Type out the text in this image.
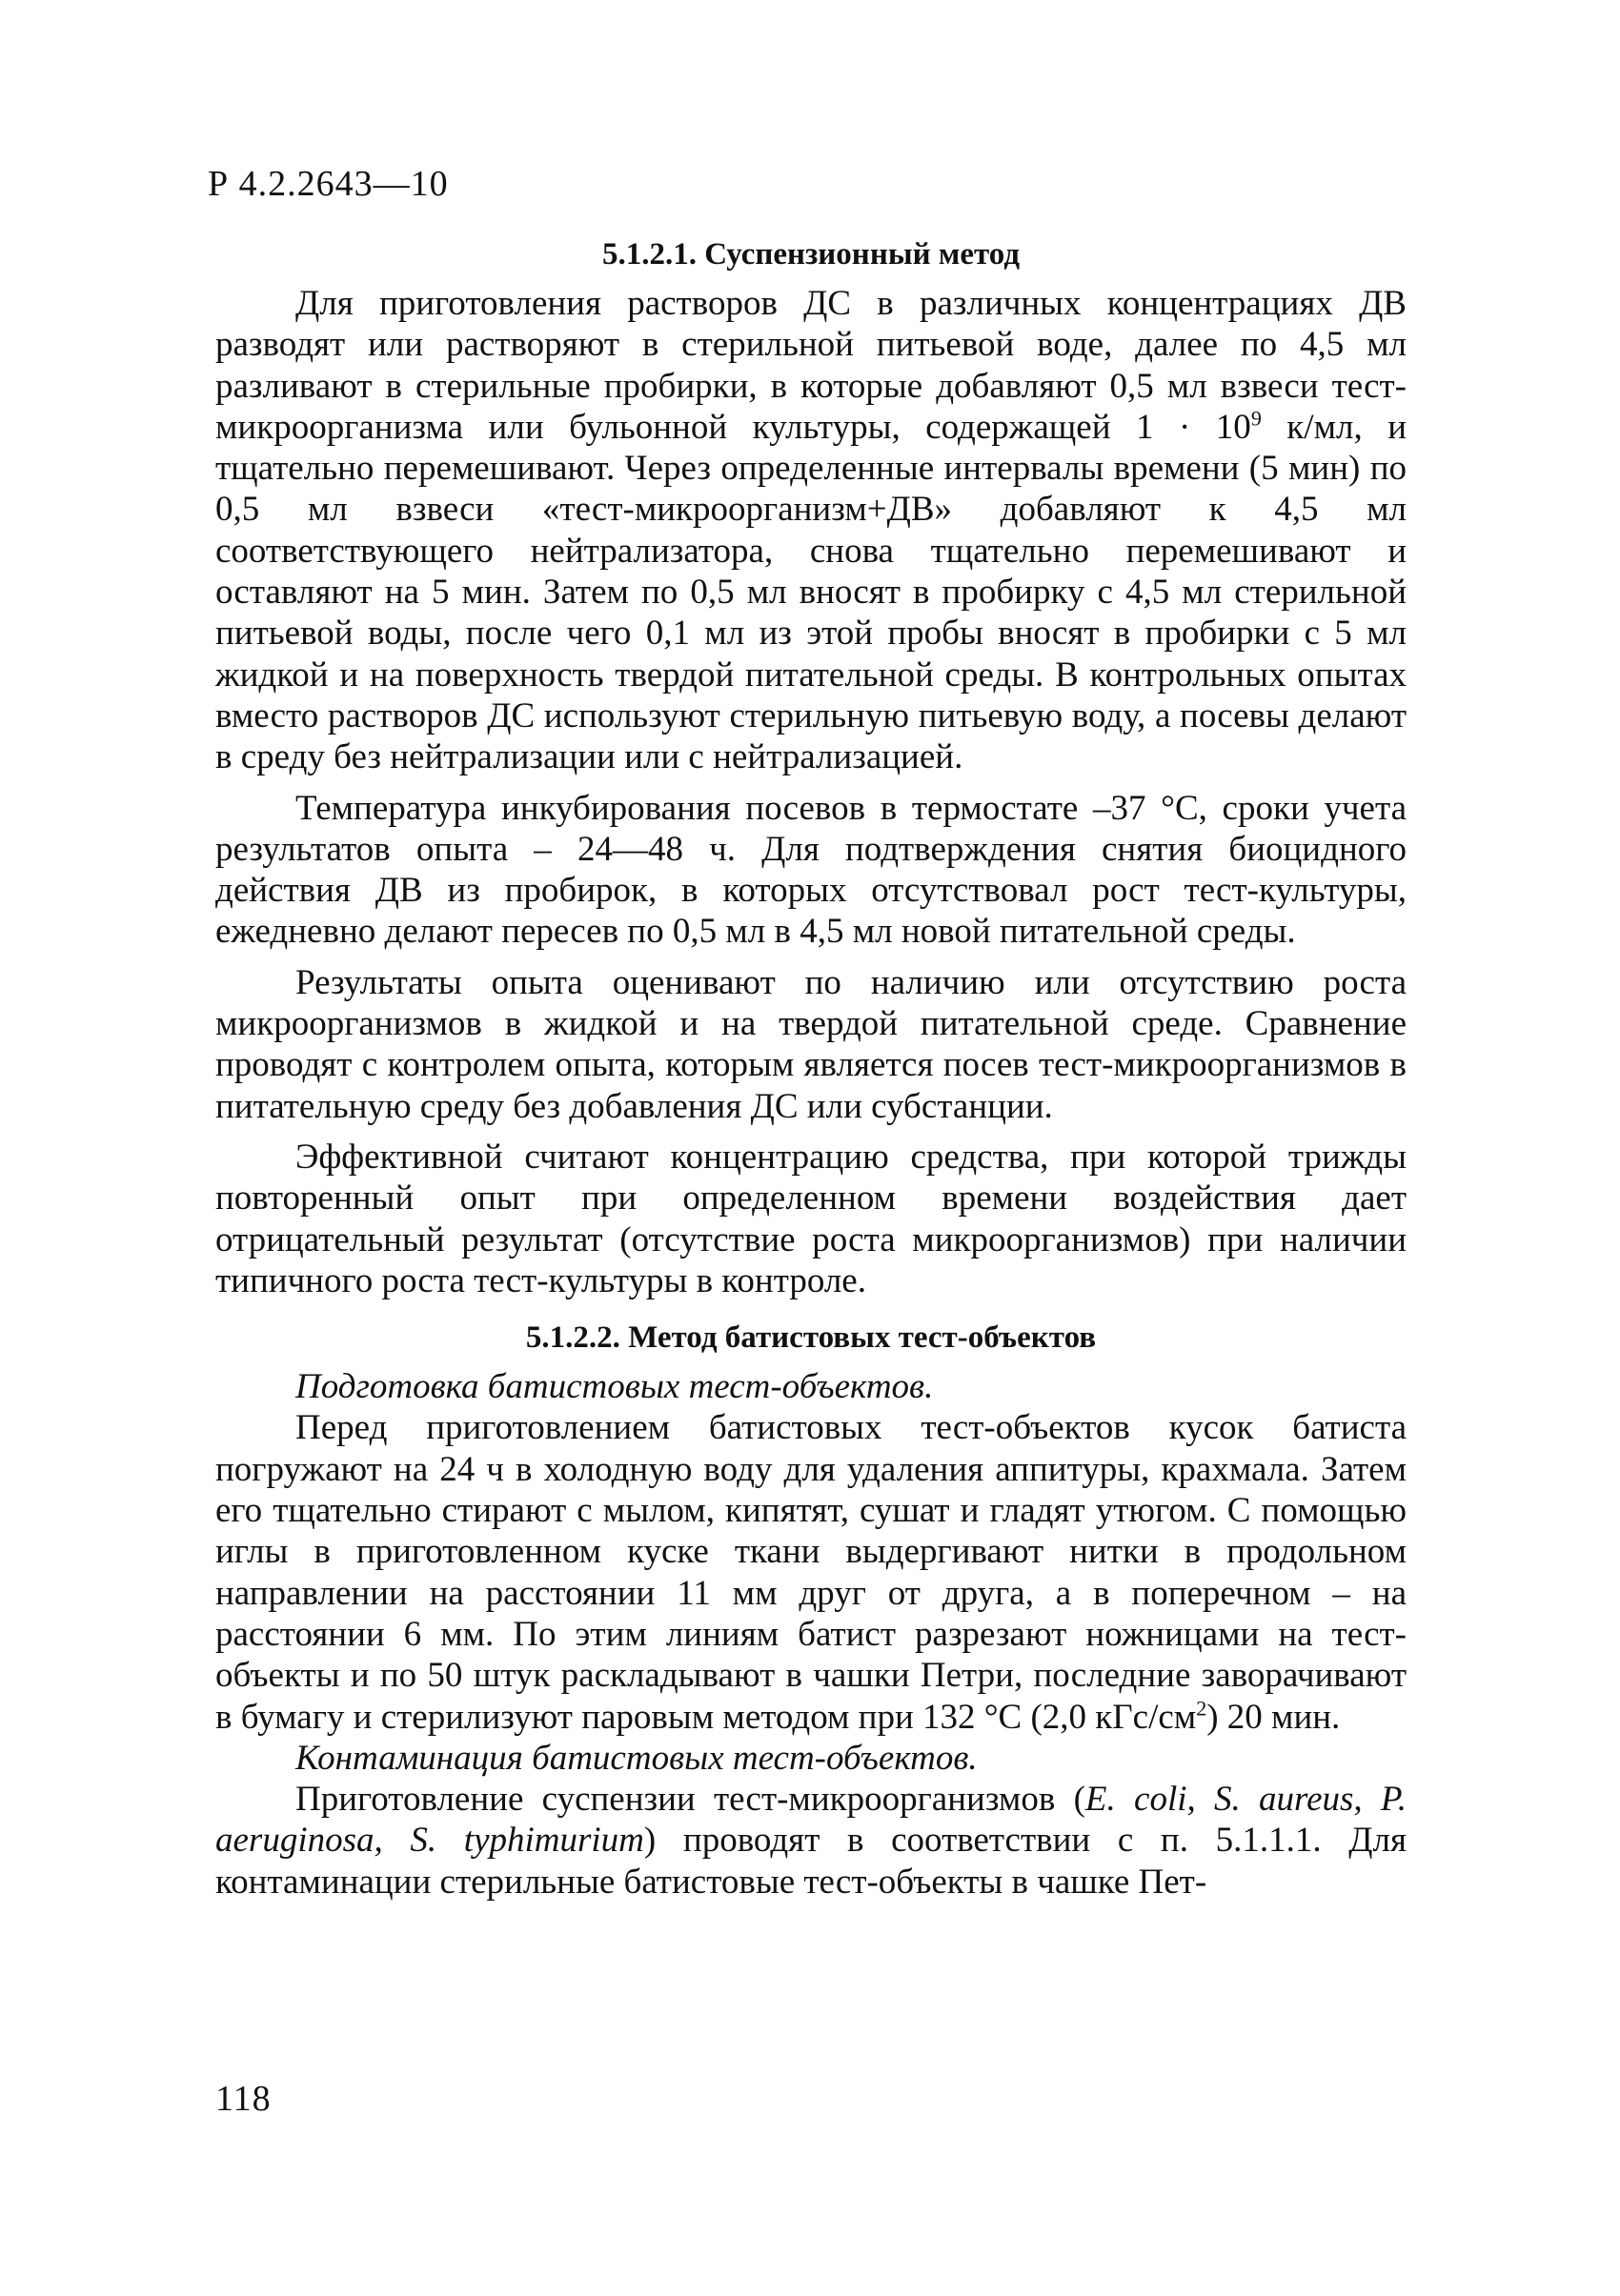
Р 4.2.2643—10
5.1.2.1. Суспензионный метод

Для приготовления растворов ДС в различных концентрациях ДВ разводят или растворяют в стерильной питьевой воде, далее по 4,5 мл разливают в стерильные пробирки, в которые добавляют 0,5 мл взвеси тест-микроорганизма или бульонной культуры, содержащей $1 \cdot 10^9$ к/мл, и тщательно перемешивают. Через определенные интервалы времени (5 мин) по 0,5 мл взвеси «тест-микроорганизм+ДВ» добавляют к 4,5 мл соответствующего нейтрализатора, снова тщательно перемешивают и оставляют на 5 мин. Затем по 0,5 мл вносят в пробирку с 4,5 мл стерильной питьевой воды, после чего 0,1 мл из этой пробы вносят в пробирки с 5 мл жидкой и на поверхность твердой питательной среды. В контрольных опытах вместо растворов ДС используют стерильную питьевую воду, а посевы делают в среду без нейтрализации или с нейтрализацией.

Температура инкубирования посевов в термостате –37 °С, сроки учета результатов опыта – 24—48 ч. Для подтверждения снятия биоцидного действия ДВ из пробирок, в которых отсутствовал рост тест-культуры, ежедневно делают пересев по 0,5 мл в 4,5 мл новой питательной среды.

Результаты опыта оценивают по наличию или отсутствию роста микроорганизмов в жидкой и на твердой питательной среде. Сравнение проводят с контролем опыта, которым является посев тест-микроорганизмов в питательную среду без добавления ДС или субстанции.

Эффективной считают концентрацию средства, при которой трижды повторенный опыт при определенном времени воздействия дает отрицательный результат (отсутствие роста микроорганизмов) при наличии типичного роста тест-культуры в контроле.

5.1.2.2. Метод батистовых тест-объектов

Подготовка батистовых тест-объектов.

Перед приготовлением батистовых тест-объектов кусок батиста погружают на 24 ч в холодную воду для удаления аппитуры, крахмала. Затем его тщательно стирают с мылом, кипятят, сушат и гладят утюгом. С помощью иглы в приготовленном куске ткани выдергивают нитки в продольном направлении на расстоянии 11 мм друг от друга, а в поперечном – на расстоянии 6 мм. По этим линиям батист разрезают ножницами на тест-объекты и по 50 штук раскладывают в чашки Петри, последние заворачивают в бумагу и стерилизуют паровым методом при 132 °С (2,0 кГс/$см^2$) 20 мин.

Контаминация батистовых тест-объектов.

Приготовление суспензии тест-микроорганизмов (E. coli, S. aureus, P. aeruginosa, S. typhimurium) проводят в соответствии с п. 5.1.1.1. Для контаминации стерильные батистовые тест-объекты в чашке Пет-

118
